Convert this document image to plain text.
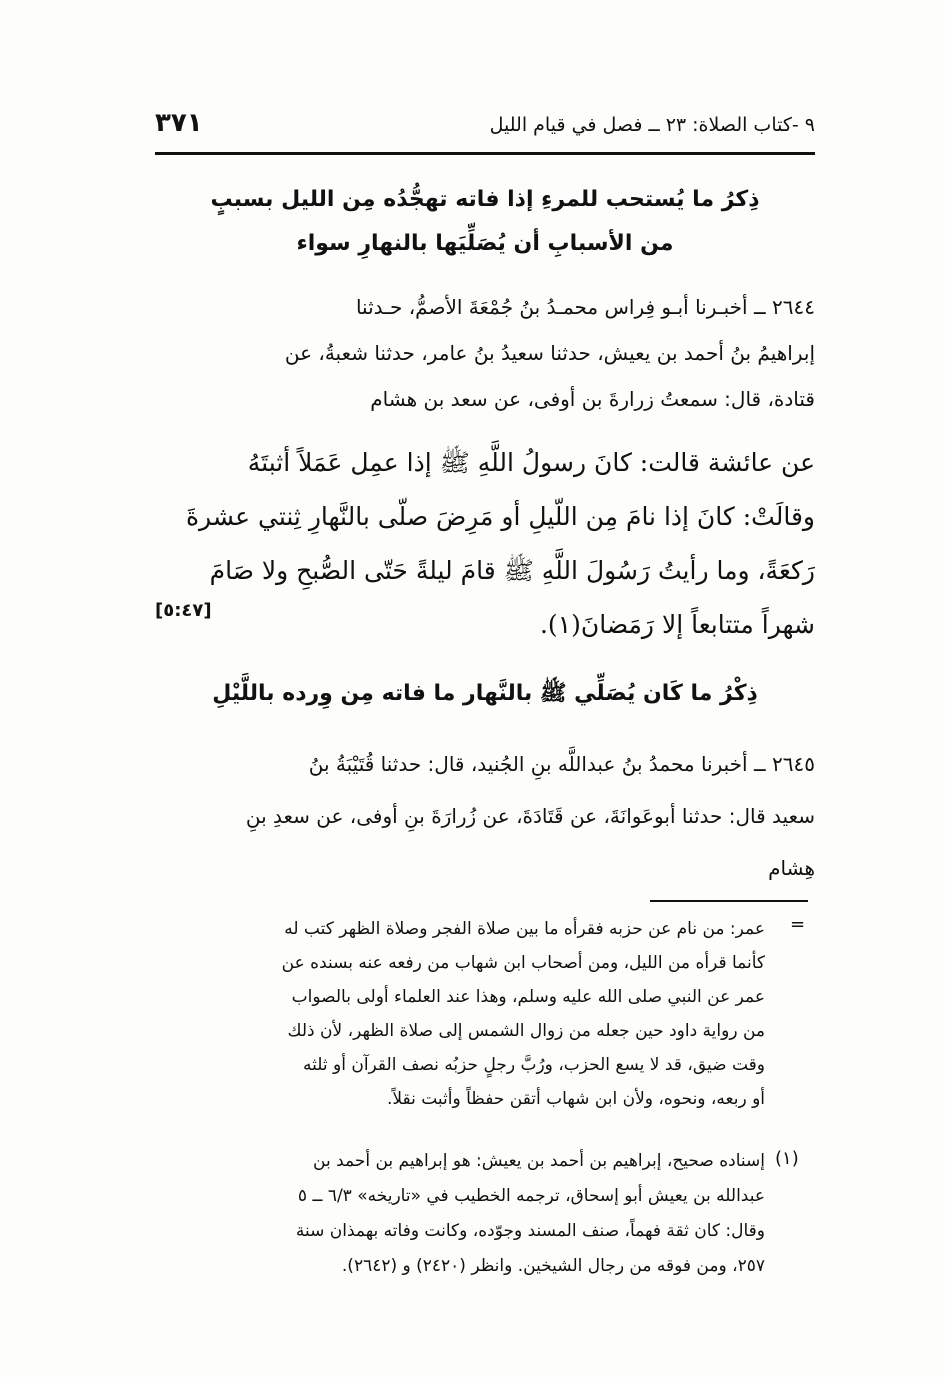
٣٧١	٩ -كتاب الصلاة: ٢٣ ــ فصل في قيام الليل
ذِكرُ ما يُستحب للمرءِ إذا فاته تهجُّدُه مِن الليل بسببٍ
من الأسبابِ أن يُصَلِّيَها بالنهارِ سواء
٢٦٤٤ ــ أخبـرنا أبـو فِراس محمـدُ بنُ جُمْعَةَ الأصمُّ، حـدثنا
إبراهيمُ بنُ أحمد بن يعيش، حدثنا سعيدُ بنُ عامر، حدثنا شعبةُ، عن
قتادة، قال: سمعتُ زرارةَ بن أوفى، عن سعد بن هشام
عن عائشة قالت: كانَ رسولُ اللَّهِ ﷺ إذا عمِل عَمَلاً أثبتَهُ
وقالَتْ: كانَ إذا نامَ مِن اللّيلِ أو مَرِضَ صلّى بالنَّهارِ ثِنتي عشرةَ
رَكعَةً، وما رأيتُ رَسُولَ اللَّهِ ﷺ قامَ ليلةً حَتّى الصُّبحِ ولا صَامَ
شهراً متتابعاً إلا رَمَضانَ(١).
[٥:٤٧]
ذِكْرُ ما كَان يُصَلِّي ﷺ بالنَّهار ما فاته مِن وِرده باللَّيْلِ
٢٦٤٥ ــ أخبرنا محمدُ بنُ عبداللَّه بنِ الجُنيد، قال: حدثنا قُتَيْبَةُ بنُ
سعيد قال: حدثنا أبوعَوانَةَ، عن قَتَادَةَ، عن زُرارَةَ بنِ أوفى، عن سعدِ بنِ
هِشام
=
عمر: من نام عن حزبه فقرأه ما بين صلاة الفجر وصلاة الظهر كتب له
كأنما قرأه من الليل، ومن أصحاب ابن شهاب من رفعه عنه بسنده عن
عمر عن النبي صلى الله عليه وسلم، وهذا عند العلماء أولى بالصواب
من رواية داود حين جعله من زوال الشمس إلى صلاة الظهر، لأن ذلك
وقت ضيق، قد لا يسع الحزب، ورُبَّ رجلٍ حزبُه نصف القرآن أو ثلثه
أو ربعه، ونحوه، ولأن ابن شهاب أتقن حفظاً وأثبت نقلاً.
(١)
إسناده صحيح، إبراهيم بن أحمد بن يعيش: هو إبراهيم بن أحمد بن
عبدالله بن يعيش أبو إسحاق، ترجمه الخطيب في «تاريخه» ٦/٣ ــ ٥
وقال: كان ثقة فهماً، صنف المسند وجوّده، وكانت وفاته بهمذان سنة
٢٥٧، ومن فوقه من رجال الشيخين. وانظر (٢٤٢٠) و (٢٦٤٢).
